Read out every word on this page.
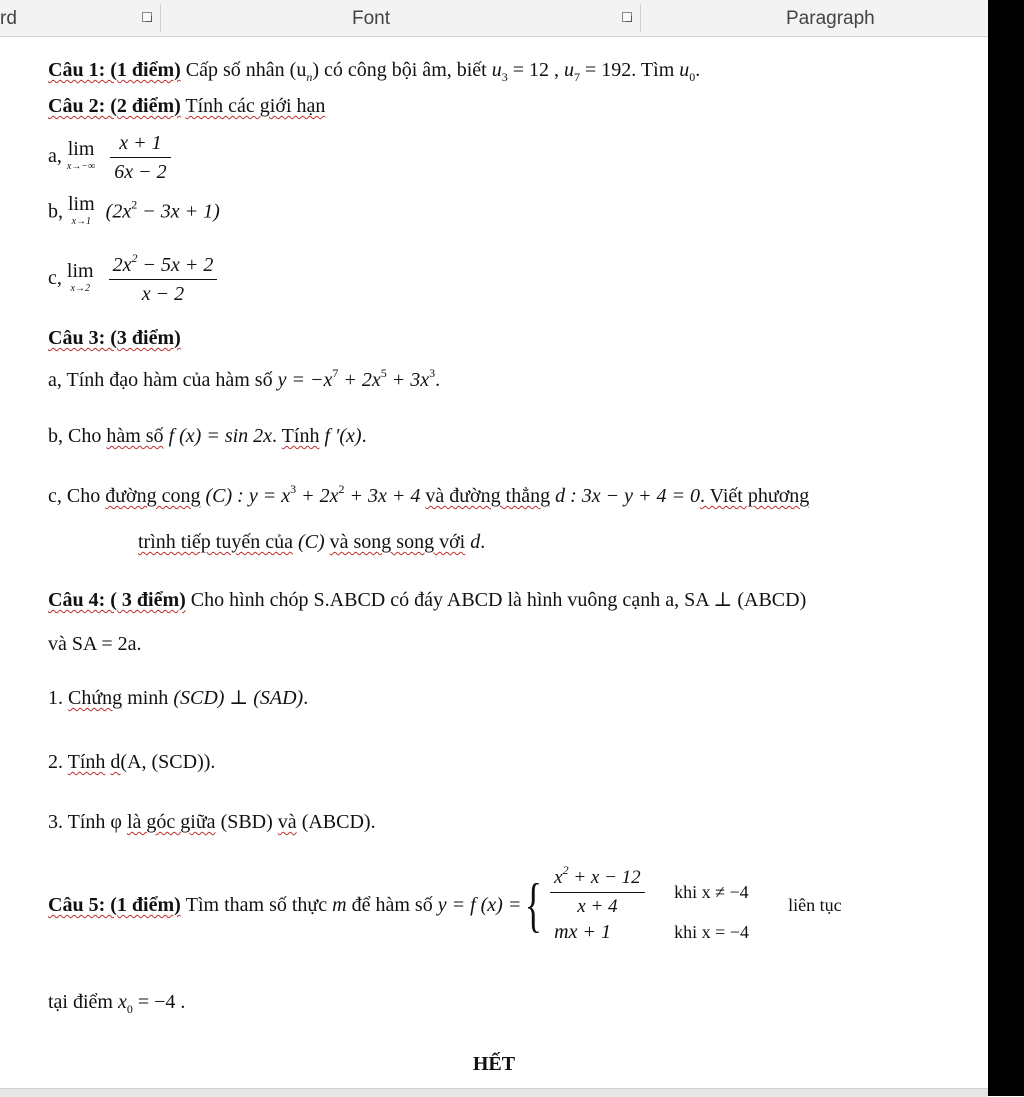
rd	Font	Paragraph
Câu 1: (1 điểm) Cấp số nhân $(u_n)$ có công bội âm, biết $u_3 = 12$ , $u_7 = 192$. Tìm $u_0$.
Câu 2: (2 điểm) Tính các giới hạn
a, lim
x→−∞
$\frac{x + 1}{6x - 2}$
b, lim
x→1 $(2x^2 - 3x + 1)$
c, lim
x→2
$\frac{2x^2 - 5x + 2}{x - 2}$
Câu 3: (3 điểm)
a, Tính đạo hàm của hàm số $y = -x^7 + 2x^5 + 3x^3$.
b, Cho hàm số f (x) = sin 2x. Tính f ′(x).
c, Cho đường cong (C) : $y = x^3 + 2x^2 + 3x + 4$ và đường thẳng d : 3x − y + 4 = 0. Viết phương
trình tiếp tuyến của (C) và song song với d.
Câu 4: ( 3 điểm) Cho hình chóp S.ABCD có đáy ABCD là hình vuông cạnh a, SA ⊥ (ABCD)
và SA = 2a.
1. Chứng minh (SCD) ⊥ (SAD).
2. Tính d(A, (SCD)).
3. Tính φ là góc giữa (SBD) và (ABCD).
Câu 5: (1 điểm)
Tìm tham số thực
m
để hàm số
y = f (x) = { $\frac{x^2 + x - 12}{x + 4}$ khi x ≠ −4
mx + 1	khi x = −4
liên tục
tại điểm $x_0 = -4$ .
HẾT
